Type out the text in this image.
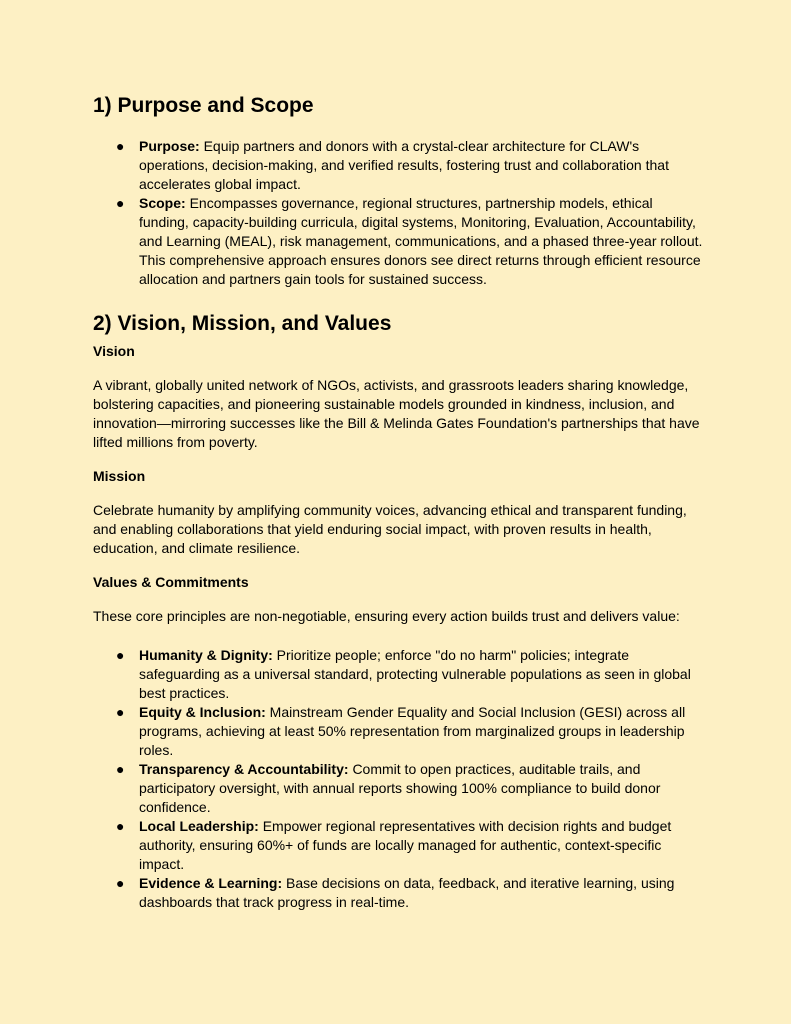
1) Purpose and Scope
● Purpose: Equip partners and donors with a crystal-clear architecture for CLAW's operations, decision-making, and verified results, fostering trust and collaboration that accelerates global impact.
● Scope: Encompasses governance, regional structures, partnership models, ethical funding, capacity-building curricula, digital systems, Monitoring, Evaluation, Accountability, and Learning (MEAL), risk management, communications, and a phased three-year rollout. This comprehensive approach ensures donors see direct returns through efficient resource allocation and partners gain tools for sustained success.
2) Vision, Mission, and Values
Vision

A vibrant, globally united network of NGOs, activists, and grassroots leaders sharing knowledge, bolstering capacities, and pioneering sustainable models grounded in kindness, inclusion, and innovation—mirroring successes like the Bill & Melinda Gates Foundation's partnerships that have lifted millions from poverty.

Mission

Celebrate humanity by amplifying community voices, advancing ethical and transparent funding, and enabling collaborations that yield enduring social impact, with proven results in health, education, and climate resilience.

Values & Commitments

These core principles are non-negotiable, ensuring every action builds trust and delivers value:

● Humanity & Dignity: Prioritize people; enforce "do no harm" policies; integrate safeguarding as a universal standard, protecting vulnerable populations as seen in global best practices.
● Equity & Inclusion: Mainstream Gender Equality and Social Inclusion (GESI) across all programs, achieving at least 50% representation from marginalized groups in leadership roles.
● Transparency & Accountability: Commit to open practices, auditable trails, and participatory oversight, with annual reports showing 100% compliance to build donor confidence.
● Local Leadership: Empower regional representatives with decision rights and budget authority, ensuring 60%+ of funds are locally managed for authentic, context-specific impact.
● Evidence & Learning: Base decisions on data, feedback, and iterative learning, using dashboards that track progress in real-time.
